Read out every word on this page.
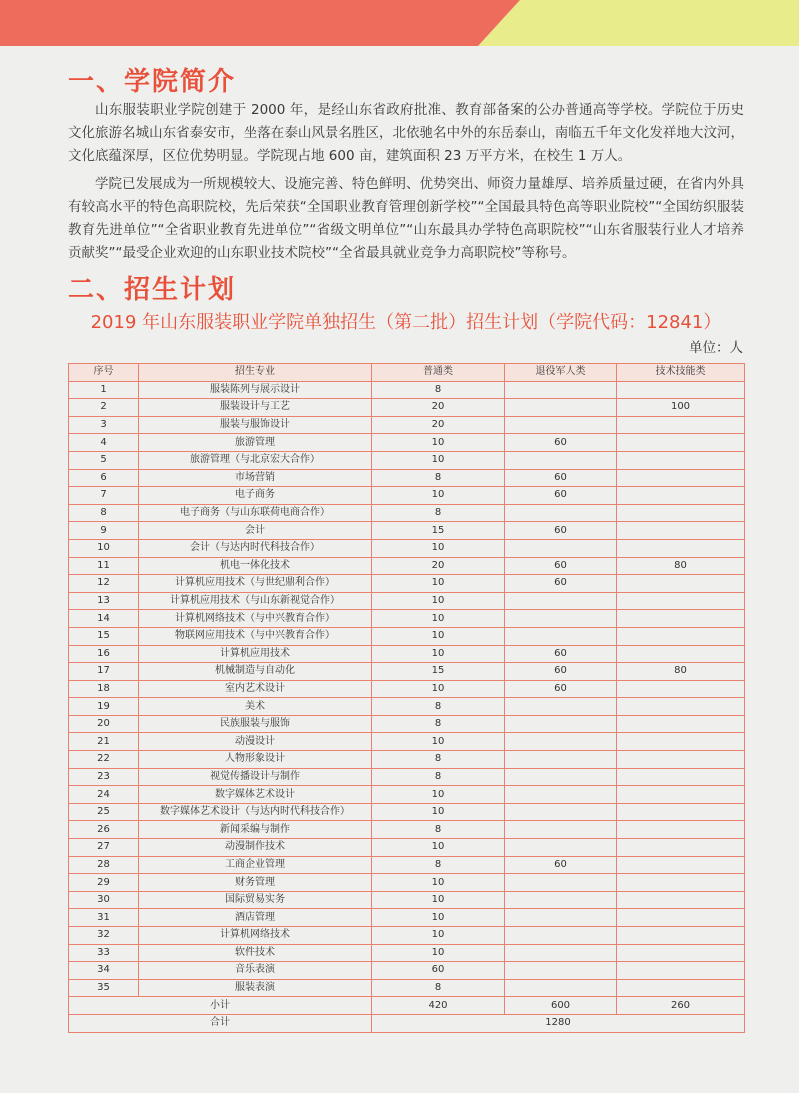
一、学院简介

山东服装职业学院创建于 2000 年，是经山东省政府批准、教育部备案的公办普通高等学校。学院位于历史文化旅游名城山东省泰安市，坐落在泰山风景名胜区，北依驰名中外的东岳泰山，南临五千年文化发祥地大汶河，文化底蕴深厚，区位优势明显。学院现占地 600 亩，建筑面积 23 万平方米，在校生 1 万人。

学院已发展成为一所规模较大、设施完善、特色鲜明、优势突出、师资力量雄厚、培养质量过硬，在省内外具有较高水平的特色高职院校，先后荣获“全国职业教育管理创新学校”“全国最具特色高等职业院校”“全国纺织服装教育先进单位”“全省职业教育先进单位”“省级文明单位”“山东最具办学特色高职院校”“山东省服装行业人才培养贡献奖”“最受企业欢迎的山东职业技术院校”“全省最具就业竞争力高职院校”等称号。

二、招生计划
2019 年山东服装职业学院单独招生（第二批）招生计划（学院代码：12841）
单位：人
序号	招生专业	普通类	退役军人类	技术技能类
1	服装陈列与展示设计	8		
2	服装设计与工艺	20		100
3	服装与服饰设计	20		
4	旅游管理	10	60	
5	旅游管理（与北京宏大合作）	10		
6	市场营销	8	60	
7	电子商务	10	60	
8	电子商务（与山东联荷电商合作）	8		
9	会计	15	60	
10	会计（与达内时代科技合作）	10		
11	机电一体化技术	20	60	80
12	计算机应用技术（与世纪鼎利合作）	10	60	
13	计算机应用技术（与山东新视觉合作）	10		
14	计算机网络技术（与中兴教育合作）	10		
15	物联网应用技术（与中兴教育合作）	10		
16	计算机应用技术	10	60	
17	机械制造与自动化	15	60	80
18	室内艺术设计	10	60	
19	美术	8		
20	民族服装与服饰	8		
21	动漫设计	10		
22	人物形象设计	8		
23	视觉传播设计与制作	8		
24	数字媒体艺术设计	10		
25	数字媒体艺术设计（与达内时代科技合作）	10		
26	新闻采编与制作	8		
27	动漫制作技术	10		
28	工商企业管理	8	60	
29	财务管理	10		
30	国际贸易实务	10		
31	酒店管理	10		
32	计算机网络技术	10		
33	软件技术	10		
34	音乐表演	60		
35	服装表演	8		
小计		420	600	260
合计		1280		
